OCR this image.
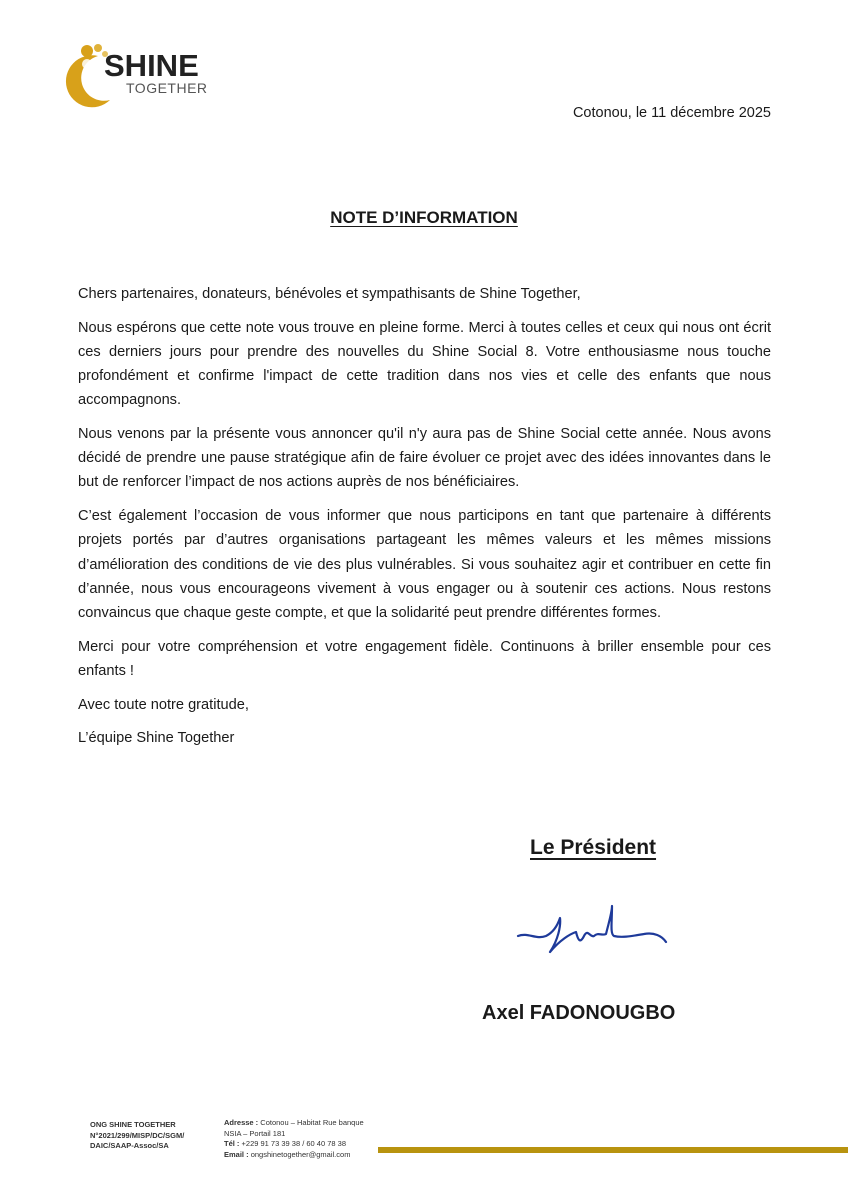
SHINE
TOGETHER
Cotonou, le 11 décembre 2025
NOTE D’INFORMATION

Chers partenaires, donateurs, bénévoles et sympathisants de Shine Together,

Nous espérons que cette note vous trouve en pleine forme. Merci à toutes celles et ceux qui nous ont écrit ces derniers jours pour prendre des nouvelles du Shine Social 8. Votre enthousiasme nous touche profondément et confirme l'impact de cette tradition dans nos vies et celle des enfants que nous accompagnons.

Nous venons par la présente vous annoncer qu'il n'y aura pas de Shine Social cette année. Nous avons décidé de prendre une pause stratégique afin de faire évoluer ce projet avec des idées innovantes dans le but de renforcer l’impact de nos actions auprès de nos bénéficiaires.

C’est également l’occasion de vous informer que nous participons en tant que partenaire à différents projets portés par d’autres organisations partageant les mêmes valeurs et les mêmes missions d’amélioration des conditions de vie des plus vulnérables. Si vous souhaitez agir et contribuer en cette fin d’année, nous vous encourageons vivement à vous engager ou à soutenir ces actions. Nous restons convaincus que chaque geste compte, et que la solidarité peut prendre différentes formes.

Merci pour votre compréhension et votre engagement fidèle. Continuons à briller ensemble pour ces enfants !

Avec toute notre gratitude,

L’équipe Shine Together

Le Président
Axel FADONOUGBO
ONG SHINE TOGETHER
N°2021/299/MISP/DC/SGM/
DAIC/SAAP-Assoc/SA
Adresse : Cotonou – Habitat Rue banque NSIA – Portail 181
Tél : +229 91 73 39 38 / 60 40 78 38
Email : ongshinetogether@gmail.com
